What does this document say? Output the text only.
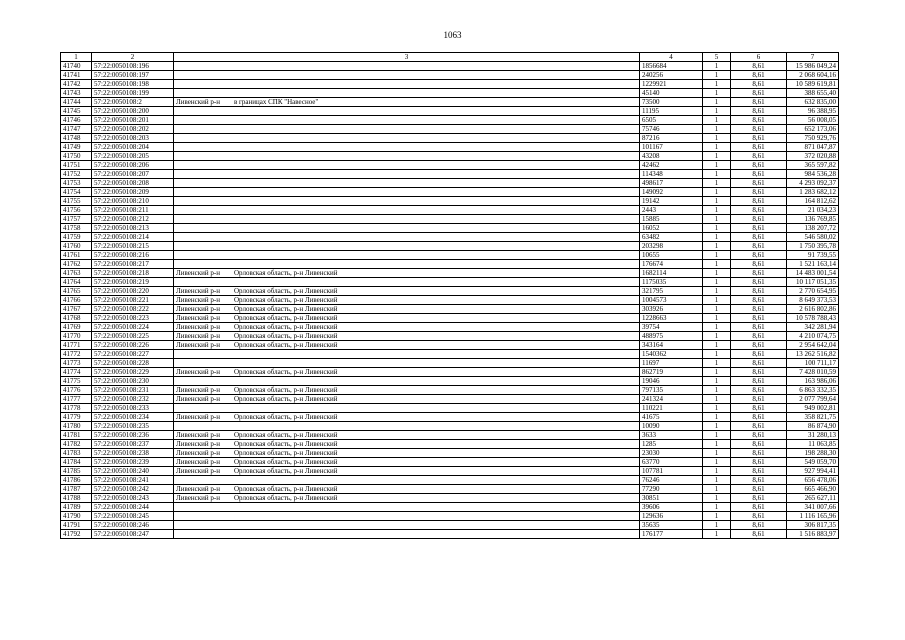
1063
1	2	3	4	5	6	7
41740	57:22:0050108:196		1856684	1	8,61	15 986 049,24
41741	57:22:0050108:197		240256	1	8,61	2 068 604,16
41742	57:22:0050108:198		1229921	1	8,61	10 589 619,81
41743	57:22:0050108:199		45140	1	8,61	388 655,40
41744	57:22:0050108:2	Ливенский р-н в границах СПК "Навесное"	73500	1	8,61	632 835,00
41745	57:22:0050108:200		11195	1	8,61	96 388,95
41746	57:22:0050108:201		6505	1	8,61	56 008,05
41747	57:22:0050108:202		75746	1	8,61	652 173,06
41748	57:22:0050108:203		87216	1	8,61	750 929,76
41749	57:22:0050108:204		101167	1	8,61	871 047,87
41750	57:22:0050108:205		43208	1	8,61	372 020,88
41751	57:22:0050108:206		42462	1	8,61	365 597,82
41752	57:22:0050108:207		114348	1	8,61	984 536,28
41753	57:22:0050108:208		498617	1	8,61	4 293 092,37
41754	57:22:0050108:209		149092	1	8,61	1 283 682,12
41755	57:22:0050108:210		19142	1	8,61	164 812,62
41756	57:22:0050108:211		2443	1	8,61	21 034,23
41757	57:22:0050108:212		15885	1	8,61	136 769,85
41758	57:22:0050108:213		16052	1	8,61	138 207,72
41759	57:22:0050108:214		63482	1	8,61	546 580,02
41760	57:22:0050108:215		203298	1	8,61	1 750 395,78
41761	57:22:0050108:216		10655	1	8,61	91 739,55
41762	57:22:0050108:217		176674	1	8,61	1 521 163,14
41763	57:22:0050108:218	Ливенский р-н Орловская область, р-н Ливенский	1682114	1	8,61	14 483 001,54
41764	57:22:0050108:219		1175035	1	8,61	10 117 051,35
41765	57:22:0050108:220	Ливенский р-н Орловская область, р-н Ливенский	321795	1	8,61	2 770 654,95
41766	57:22:0050108:221	Ливенский р-н Орловская область, р-н Ливенский	1004573	1	8,61	8 649 373,53
41767	57:22:0050108:222	Ливенский р-н Орловская область, р-н Ливенский	303926	1	8,61	2 616 802,86
41768	57:22:0050108:223	Ливенский р-н Орловская область, р-н Ливенский	1228663	1	8,61	10 578 788,43
41769	57:22:0050108:224	Ливенский р-н Орловская область, р-н Ливенский	39754	1	8,61	342 281,94
41770	57:22:0050108:225	Ливенский р-н Орловская область, р-н Ливенский	488975	1	8,61	4 210 074,75
41771	57:22:0050108:226	Ливенский р-н Орловская область, р-н Ливенский	343164	1	8,61	2 954 642,04
41772	57:22:0050108:227		1540362	1	8,61	13 262 516,82
41773	57:22:0050108:228		11697	1	8,61	100 711,17
41774	57:22:0050108:229	Ливенский р-н Орловская область, р-н Ливенский	862719	1	8,61	7 428 010,59
41775	57:22:0050108:230		19046	1	8,61	163 986,06
41776	57:22:0050108:231	Ливенский р-н Орловская область, р-н Ливенский	797135	1	8,61	6 863 332,35
41777	57:22:0050108:232	Ливенский р-н Орловская область, р-н Ливенский	241324	1	8,61	2 077 799,64
41778	57:22:0050108:233		110221	1	8,61	949 002,81
41779	57:22:0050108:234	Ливенский р-н Орловская область, р-н Ливенский	41675	1	8,61	358 821,75
41780	57:22:0050108:235		10090	1	8,61	86 874,90
41781	57:22:0050108:236	Ливенский р-н Орловская область, р-н Ливенский	3633	1	8,61	31 280,13
41782	57:22:0050108:237	Ливенский р-н Орловская область, р-н Ливенский	1285	1	8,61	11 063,85
41783	57:22:0050108:238	Ливенский р-н Орловская область, р-н Ливенский	23030	1	8,61	198 288,30
41784	57:22:0050108:239	Ливенский р-н Орловская область, р-н Ливенский	63770	1	8,61	549 059,70
41785	57:22:0050108:240	Ливенский р-н Орловская область, р-н Ливенский	107781	1	8,61	927 994,41
41786	57:22:0050108:241		76246	1	8,61	656 478,06
41787	57:22:0050108:242	Ливенский р-н Орловская область, р-н Ливенский	77290	1	8,61	665 466,90
41788	57:22:0050108:243	Ливенский р-н Орловская область, р-н Ливенский	30851	1	8,61	265 627,11
41789	57:22:0050108:244		39606	1	8,61	341 007,66
41790	57:22:0050108:245		129636	1	8,61	1 116 165,96
41791	57:22:0050108:246		35635	1	8,61	306 817,35
41792	57:22:0050108:247		176177	1	8,61	1 516 883,97
